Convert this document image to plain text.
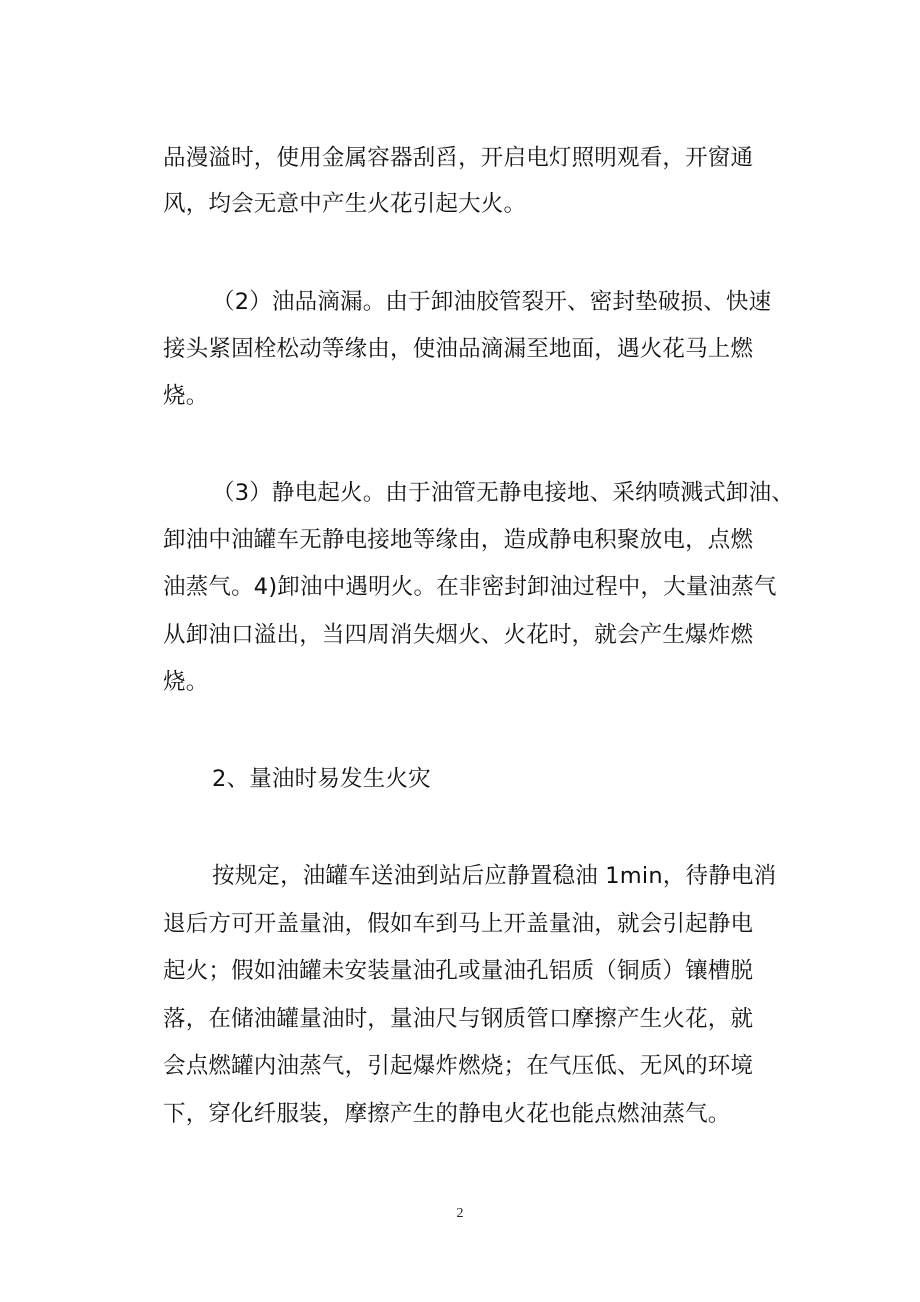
品漫溢时，使用金属容器刮舀，开启电灯照明观看，开窗通
风，均会无意中产生火花引起大火。
（2）油品滴漏。由于卸油胶管裂开、密封垫破损、快速
接头紧固栓松动等缘由，使油品滴漏至地面，遇火花马上燃
烧。
（3）静电起火。由于油管无静电接地、采纳喷溅式卸油、
卸油中油罐车无静电接地等缘由，造成静电积聚放电，点燃
油蒸气。4)卸油中遇明火。在非密封卸油过程中，大量油蒸气
从卸油口溢出，当四周消失烟火、火花时，就会产生爆炸燃
烧。
2、量油时易发生火灾
按规定，油罐车送油到站后应静置稳油 1min，待静电消
退后方可开盖量油，假如车到马上开盖量油，就会引起静电
起火；假如油罐未安装量油孔或量油孔铝质（铜质）镶槽脱
落，在储油罐量油时，量油尺与钢质管口摩擦产生火花，就
会点燃罐内油蒸气，引起爆炸燃烧；在气压低、无风的环境
下，穿化纤服装，摩擦产生的静电火花也能点燃油蒸气。
2
